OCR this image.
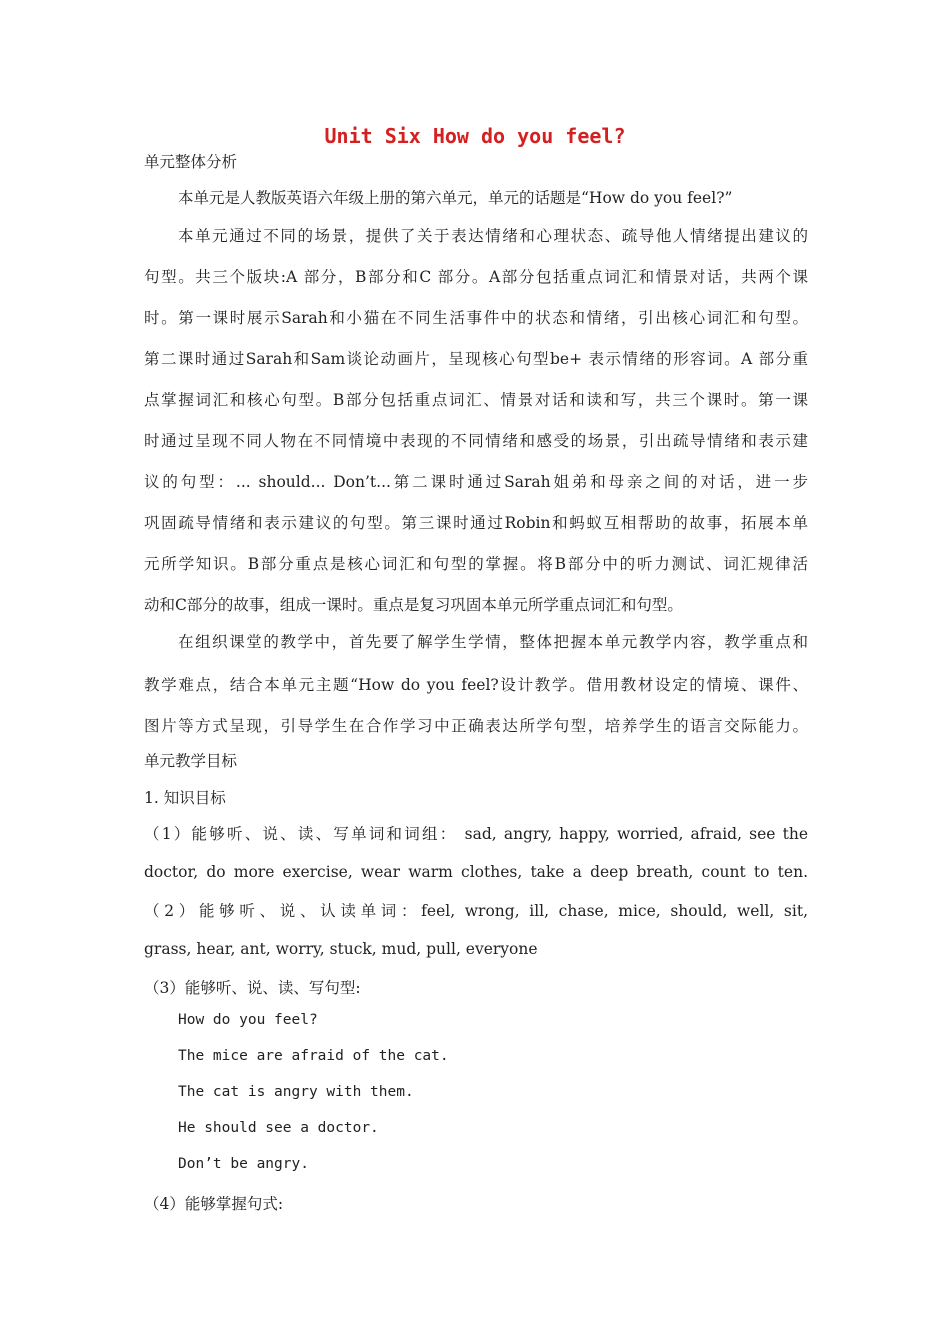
Unit Six How do you feel?
单元整体分析
本单元是人教版英语六年级上册的第六单元，单元的话题是“How do you feel?”
本单元通过不同的场景，提供了关于表达情绪和心理状态、疏导他人情绪提出建议的
句型。共三个版块:A 部分，B部分和C 部分。A部分包括重点词汇和情景对话，共两个课
时。第一课时展示Sarah和小猫在不同生活事件中的状态和情绪，引出核心词汇和句型。
第二课时通过Sarah和Sam谈论动画片，呈现核心句型be+ 表示情绪的形容词。A 部分重
点掌握词汇和核心句型。B部分包括重点词汇、情景对话和读和写，共三个课时。第一课
时通过呈现不同人物在不同情境中表现的不同情绪和感受的场景，引出疏导情绪和表示建
议的句型：... should... Don’t...第二课时通过Sarah姐弟和母亲之间的对话，进一步
巩固疏导情绪和表示建议的句型。第三课时通过Robin和蚂蚁互相帮助的故事，拓展本单
元所学知识。B部分重点是核心词汇和句型的掌握。将B部分中的听力测试、词汇规律活
动和C部分的故事，组成一课时。重点是复习巩固本单元所学重点词汇和句型。
在组织课堂的教学中，首先要了解学生学情，整体把握本单元教学内容，教学重点和
教学难点，结合本单元主题“How do you feel?设计教学。借用教材设定的情境、课件、
图片等方式呈现，引导学生在合作学习中正确表达所学句型，培养学生的语言交际能力。
单元教学目标
1. 知识目标
（1）能够听、说、读、写单词和词组： sad, angry, happy, worried, afraid, see the
doctor, do more exercise, wear warm clothes, take a deep breath, count to ten.
（2）能够听、说、认读单词：feel, wrong, ill, chase, mice, should, well, sit,
grass, hear, ant, worry, stuck, mud, pull, everyone
（3）能够听、说、读、写句型:
How do you feel?
The mice are afraid of the cat.
The cat is angry with them.
He should see a doctor.
Don’t be angry.
（4）能够掌握句式:
